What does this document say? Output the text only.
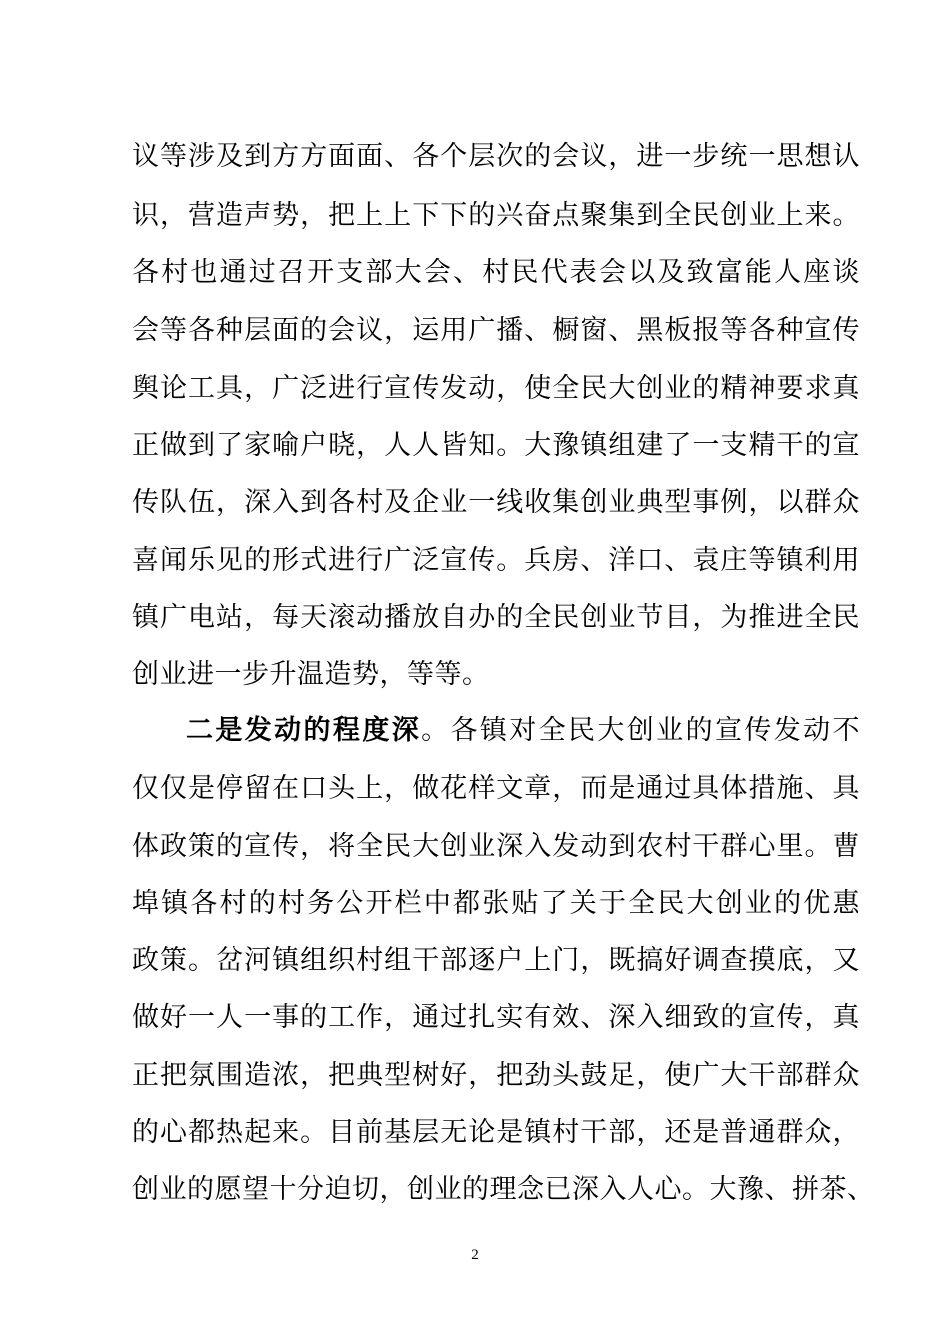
议等涉及到方方面面、各个层次的会议，进一步统一思想认
识，营造声势，把上上下下的兴奋点聚集到全民创业上来。
各村也通过召开支部大会、村民代表会以及致富能人座谈
会等各种层面的会议，运用广播、橱窗、黑板报等各种宣传
舆论工具，广泛进行宣传发动，使全民大创业的精神要求真
正做到了家喻户晓，人人皆知。大豫镇组建了一支精干的宣
传队伍，深入到各村及企业一线收集创业典型事例，以群众
喜闻乐见的形式进行广泛宣传。兵房、洋口、袁庄等镇利用
镇广电站，每天滚动播放自办的全民创业节目，为推进全民
创业进一步升温造势，等等。
二是发动的程度深。各镇对全民大创业的宣传发动不
仅仅是停留在口头上，做花样文章，而是通过具体措施、具
体政策的宣传，将全民大创业深入发动到农村干群心里。曹
埠镇各村的村务公开栏中都张贴了关于全民大创业的优惠
政策。岔河镇组织村组干部逐户上门，既搞好调查摸底，又
做好一人一事的工作，通过扎实有效、深入细致的宣传，真
正把氛围造浓，把典型树好，把劲头鼓足，使广大干部群众
的心都热起来。目前基层无论是镇村干部，还是普通群众，
创业的愿望十分迫切，创业的理念已深入人心。大豫、拼茶、
2
